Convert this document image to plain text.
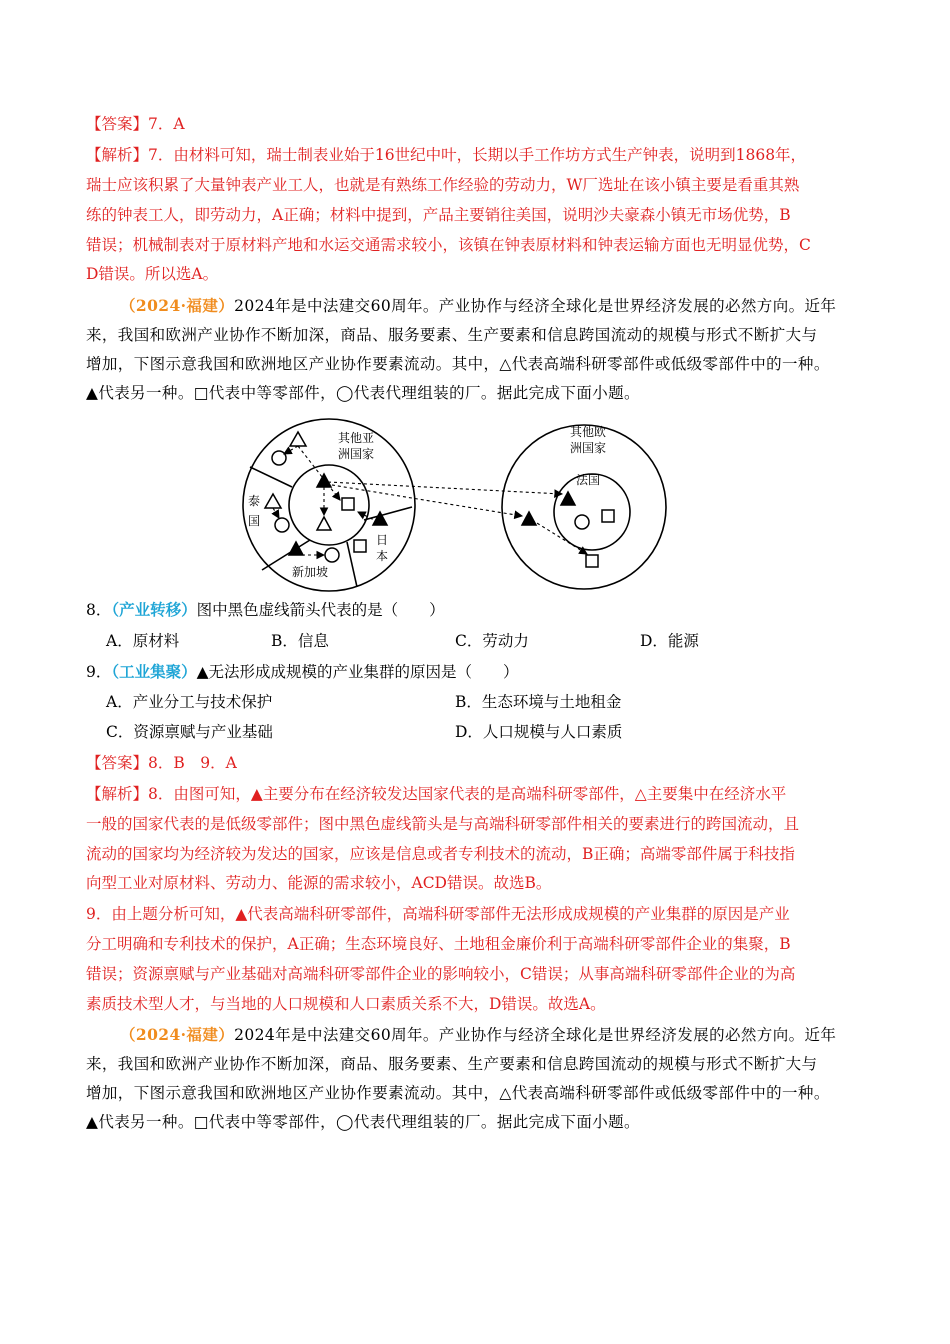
【答案】7．A
【解析】7．由材料可知，瑞士制表业始于16世纪中叶，长期以手工作坊方式生产钟表，说明到1868年，
瑞士应该积累了大量钟表产业工人，也就是有熟练工作经验的劳动力，W厂选址在该小镇主要是看重其熟
练的钟表工人，即劳动力，A正确；材料中提到，产品主要销往美国，说明沙夫豪森小镇无市场优势，B
错误；机械制表对于原材料产地和水运交通需求较小，该镇在钟表原材料和钟表运输方面也无明显优势，C
D错误。所以选A。
（2024·福建）2024年是中法建交60周年。产业协作与经济全球化是世界经济发展的必然方向。近年
来，我国和欧洲产业协作不断加深，商品、服务要素、生产要素和信息跨国流动的规模与形式不断扩大与
增加，下图示意我国和欧洲地区产业协作要素流动。其中，△代表高端科研零部件或低级零部件中的一种。
▲代表另一种。□代表中等零部件，◯代表代理组装的厂。据此完成下面小题。
其他亚
洲国家
泰
国
日
本
新加坡
其他欧
洲国家
法国
8．（产业转移）图中黑色虚线箭头代表的是（　　）
A．原材料	B．信息	C．劳动力	D．能源
9．（工业集聚）▲无法形成成规模的产业集群的原因是（　　）
A．产业分工与技术保护	B．生态环境与土地租金
C．资源禀赋与产业基础	D．人口规模与人口素质
【答案】8．B　9．A
【解析】8．由图可知，▲主要分布在经济较发达国家代表的是高端科研零部件，△主要集中在经济水平
一般的国家代表的是低级零部件；图中黑色虚线箭头是与高端科研零部件相关的要素进行的跨国流动，且
流动的国家均为经济较为发达的国家，应该是信息或者专利技术的流动，B正确；高端零部件属于科技指
向型工业对原材料、劳动力、能源的需求较小，ACD错误。故选B。
9．由上题分析可知，▲代表高端科研零部件，高端科研零部件无法形成成规模的产业集群的原因是产业
分工明确和专利技术的保护，A正确；生态环境良好、土地租金廉价利于高端科研零部件企业的集聚，B
错误；资源禀赋与产业基础对高端科研零部件企业的影响较小，C错误；从事高端科研零部件企业的为高
素质技术型人才，与当地的人口规模和人口素质关系不大，D错误。故选A。
（2024·福建）2024年是中法建交60周年。产业协作与经济全球化是世界经济发展的必然方向。近年
来，我国和欧洲产业协作不断加深，商品、服务要素、生产要素和信息跨国流动的规模与形式不断扩大与
增加，下图示意我国和欧洲地区产业协作要素流动。其中，△代表高端科研零部件或低级零部件中的一种。
▲代表另一种。□代表中等零部件，◯代表代理组装的厂。据此完成下面小题。
